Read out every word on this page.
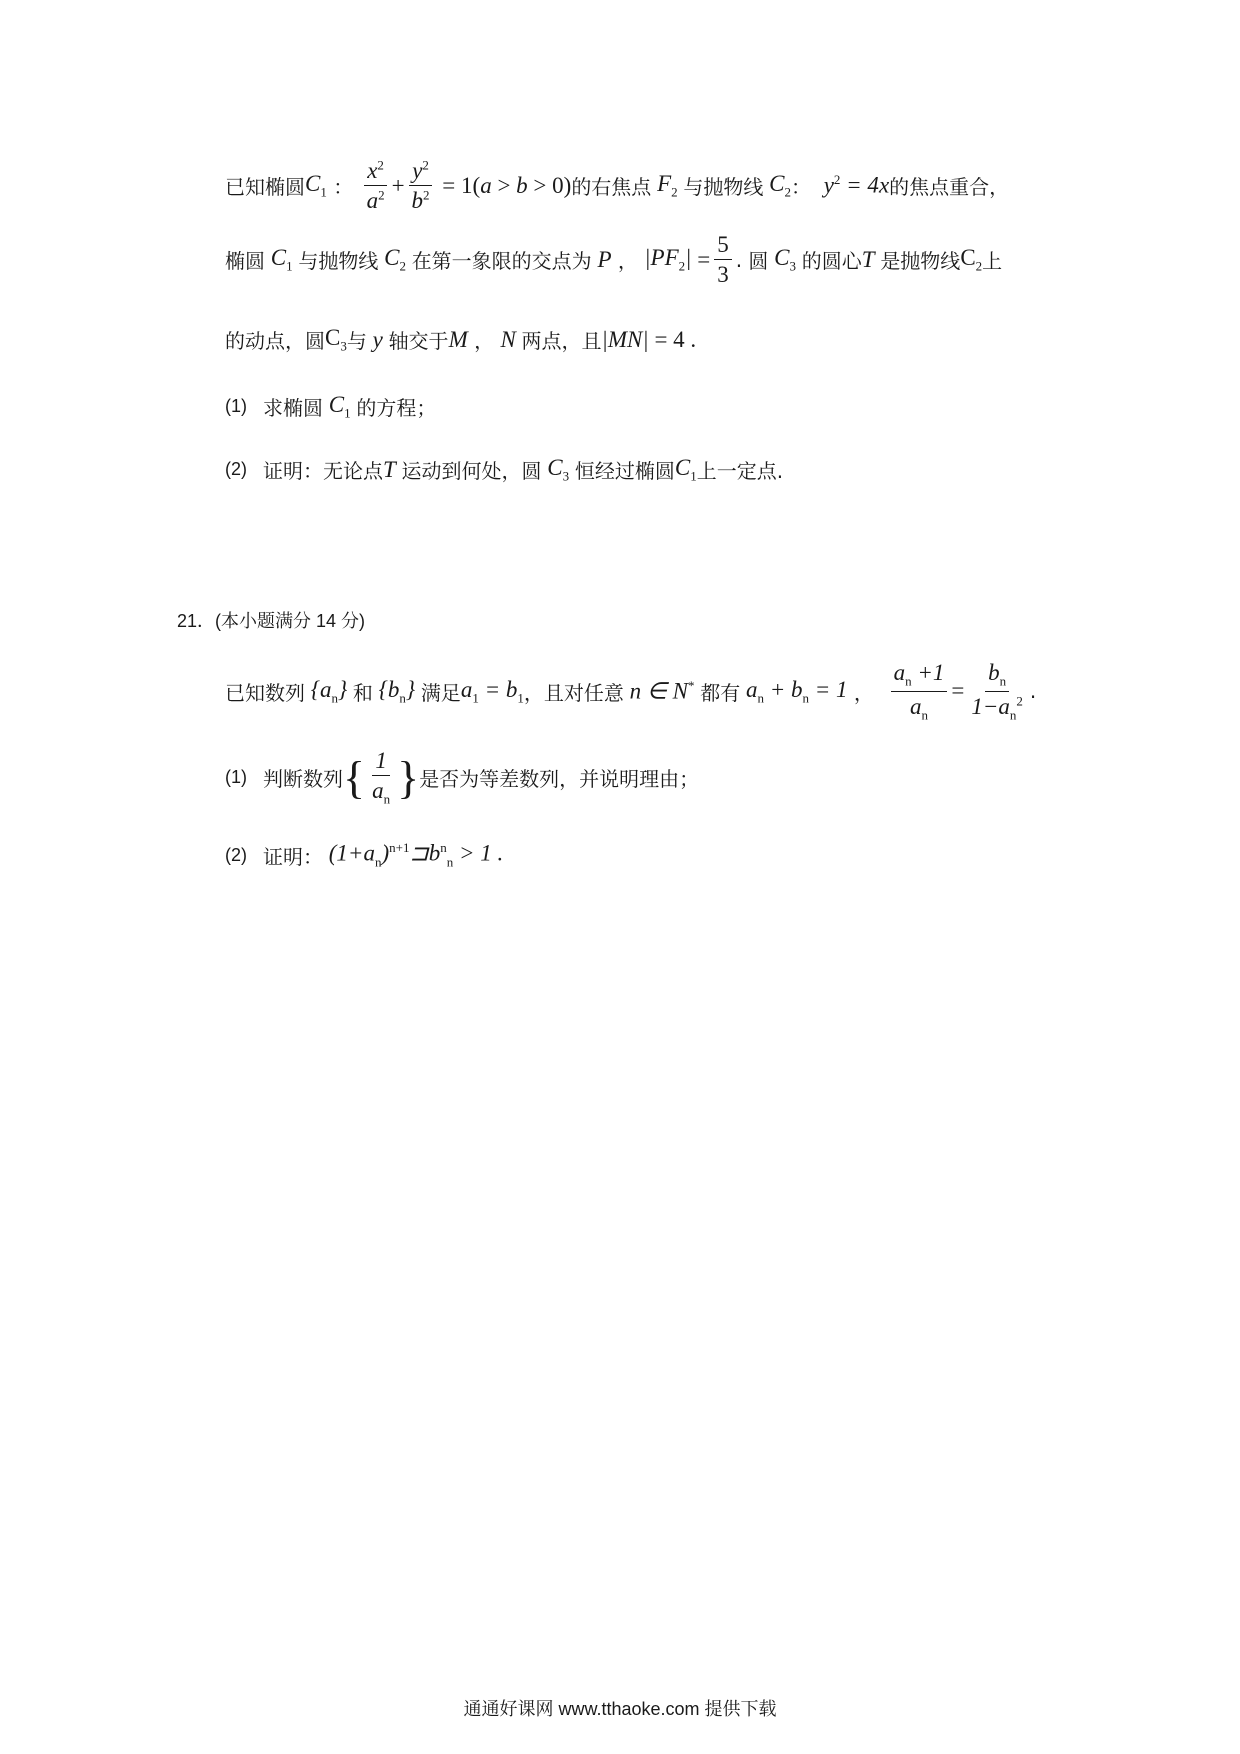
已知椭圆 $C_1$ ： $\frac{x^2}{a^2} + \frac{y^2}{b^2} = 1(a > b > 0)$ 的右焦点 $F_2$ 与抛物线 $C_2$ ： $y^2 = 4x$ 的焦点重合，
椭圆 $C_1$ 与抛物线 $C_2$ 在第一象限的交点为 P ， $|PF_2| = \frac{5}{3}$ . 圆 $C_3$ 的圆心 T 是抛物线 $C_2$ 上
的动点，圆 $C_3$ 与 y 轴交于 M ， N 两点，且 |MN| = 4 .
(1) 求椭圆 $C_1$ 的方程；
(2) 证明：无论点 T 运动到何处，圆 $C_3$ 恒经过椭圆 $C_1$ 上一定点.
21．(本小题满分 14 分)
已知数列 $\{a_n\}$ 和 $\{b_n\}$ 满足 $a_1 = b_1$ ，且对任意 n ∈ N* 都有 $a_n + b_n = 1$ ， $\frac{a_n +1}{a_n} = \frac{b_n}{1-a_n^2}$ .
(1) 判断数列 { $\frac{1}{a_n}$ } 是否为等差数列，并说明理由；
(2) 证明： $(1+a_n)^{n+1}⊐b^n_n > 1$ .
通通好课网 www.tthaoke.com 提供下载
